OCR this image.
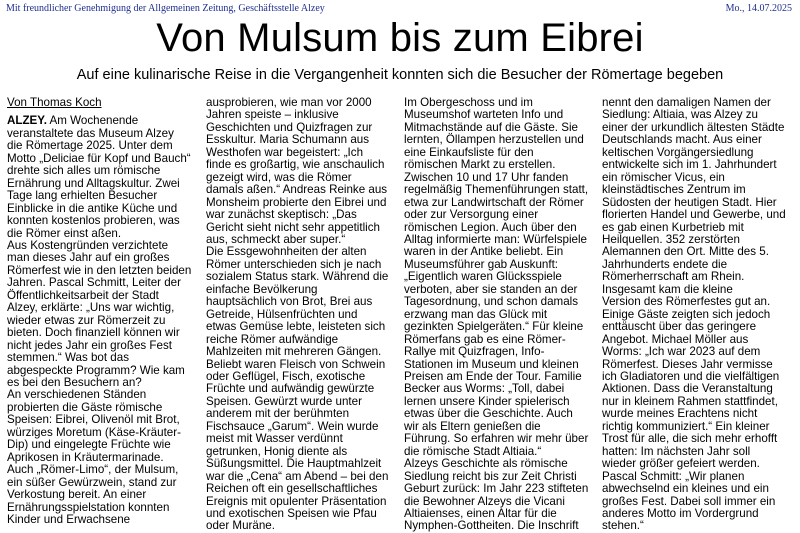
Mit freundlicher Genehmigung der Allgemeinen Zeitung, Geschäftsstelle Alzey	Mo., 14.07.2025
Von Mulsum bis zum Eibrei
Auf eine kulinarische Reise in die Vergangenheit konnten sich die Besucher der Römertage begeben

Von Thomas Koch

ALZEY. Am Wochenende
veranstaltete das Museum Alzey
die Römertage 2025. Unter dem
Motto „Deliciae für Kopf und Bauch“
drehte sich alles um römische
Ernährung und Alltagskultur. Zwei
Tage lang erhielten Besucher
Einblicke in die antike Küche und
konnten kostenlos probieren, was
die Römer einst aßen.
Aus Kostengründen verzichtete
man dieses Jahr auf ein großes
Römerfest wie in den letzten beiden
Jahren. Pascal Schmitt, Leiter der
Öffentlichkeitsarbeit der Stadt
Alzey, erklärte: „Uns war wichtig,
wieder etwas zur Römerzeit zu
bieten. Doch finanziell können wir
nicht jedes Jahr ein großes Fest
stemmen.“ Was bot das
abgespeckte Programm? Wie kam
es bei den Besuchern an?
An verschiedenen Ständen
probierten die Gäste römische
Speisen: Eibrei, Olivenöl mit Brot,
würziges Moretum (Käse-Kräuter-
Dip) und eingelegte Früchte wie
Aprikosen in Kräutermarinade.
Auch „Römer-Limo“, der Mulsum,
ein süßer Gewürzwein, stand zur
Verkostung bereit. An einer
Ernährungsspielstation konnten
Kinder und Erwachsene

ausprobieren, wie man vor 2000
Jahren speiste – inklusive
Geschichten und Quizfragen zur
Esskultur. Maria Schumann aus
Westhofen war begeistert: „Ich
finde es großartig, wie anschaulich
gezeigt wird, was die Römer
damals aßen.“ Andreas Reinke aus
Monsheim probierte den Eibrei und
war zunächst skeptisch: „Das
Gericht sieht nicht sehr appetitlich
aus, schmeckt aber super.“
Die Essgewohnheiten der alten
Römer unterschieden sich je nach
sozialem Status stark. Während die
einfache Bevölkerung
hauptsächlich von Brot, Brei aus
Getreide, Hülsenfrüchten und
etwas Gemüse lebte, leisteten sich
reiche Römer aufwändige
Mahlzeiten mit mehreren Gängen.
Beliebt waren Fleisch von Schwein
oder Geflügel, Fisch, exotische
Früchte und aufwändig gewürzte
Speisen. Gewürzt wurde unter
anderem mit der berühmten
Fischsauce „Garum“. Wein wurde
meist mit Wasser verdünnt
getrunken, Honig diente als
Süßungsmittel. Die Hauptmahlzeit
war die „Cena“ am Abend – bei den
Reichen oft ein gesellschaftliches
Ereignis mit opulenter Präsentation
und exotischen Speisen wie Pfau
oder Muräne.

Im Obergeschoss und im
Museumshof warteten Info und
Mitmachstände auf die Gäste. Sie
lernten, Öllampen herzustellen und
eine Einkaufsliste für den
römischen Markt zu erstellen.
Zwischen 10 und 17 Uhr fanden
regelmäßig Themenführungen statt,
etwa zur Landwirtschaft der Römer
oder zur Versorgung einer
römischen Legion. Auch über den
Alltag informierte man: Würfelspiele
waren in der Antike beliebt. Ein
Museumsführer gab Auskunft:
„Eigentlich waren Glücksspiele
verboten, aber sie standen an der
Tagesordnung, und schon damals
erzwang man das Glück mit
gezinkten Spielgeräten.“ Für kleine
Römerfans gab es eine Römer-
Rallye mit Quizfragen, Info-
Stationen im Museum und kleinen
Preisen am Ende der Tour. Familie
Becker aus Worms: „Toll, dabei
lernen unsere Kinder spielerisch
etwas über die Geschichte. Auch
wir als Eltern genießen die
Führung. So erfahren wir mehr über
die römische Stadt Altiaia.“
Alzeys Geschichte als römische
Siedlung reicht bis zur Zeit Christi
Geburt zurück: Im Jahr 223 stifteten
die Bewohner Alzeys die Vicani
Altiaienses, einen Altar für die
Nymphen-Gottheiten. Die Inschrift

nennt den damaligen Namen der
Siedlung: Altiaia, was Alzey zu
einer der urkundlich ältesten Städte
Deutschlands macht. Aus einer
keltischen Vorgängersiedlung
entwickelte sich im 1. Jahrhundert
ein römischer Vicus, ein
kleinstädtisches Zentrum im
Südosten der heutigen Stadt. Hier
florierten Handel und Gewerbe, und
es gab einen Kurbetrieb mit
Heilquellen. 352 zerstörten
Alemannen den Ort. Mitte des 5.
Jahrhunderts endete die
Römerherrschaft am Rhein.
Insgesamt kam die kleine
Version des Römerfestes gut an.
Einige Gäste zeigten sich jedoch
enttäuscht über das geringere
Angebot. Michael Möller aus
Worms: „Ich war 2023 auf dem
Römerfest. Dieses Jahr vermisse
ich Gladiatoren und die vielfältigen
Aktionen. Dass die Veranstaltung
nur in kleinem Rahmen stattfindet,
wurde meines Erachtens nicht
richtig kommuniziert.“ Ein kleiner
Trost für alle, die sich mehr erhofft
hatten: Im nächsten Jahr soll
wieder größer gefeiert werden.
Pascal Schmitt: „Wir planen
abwechselnd ein kleines und ein
großes Fest. Dabei soll immer ein
anderes Motto im Vordergrund
stehen.“
